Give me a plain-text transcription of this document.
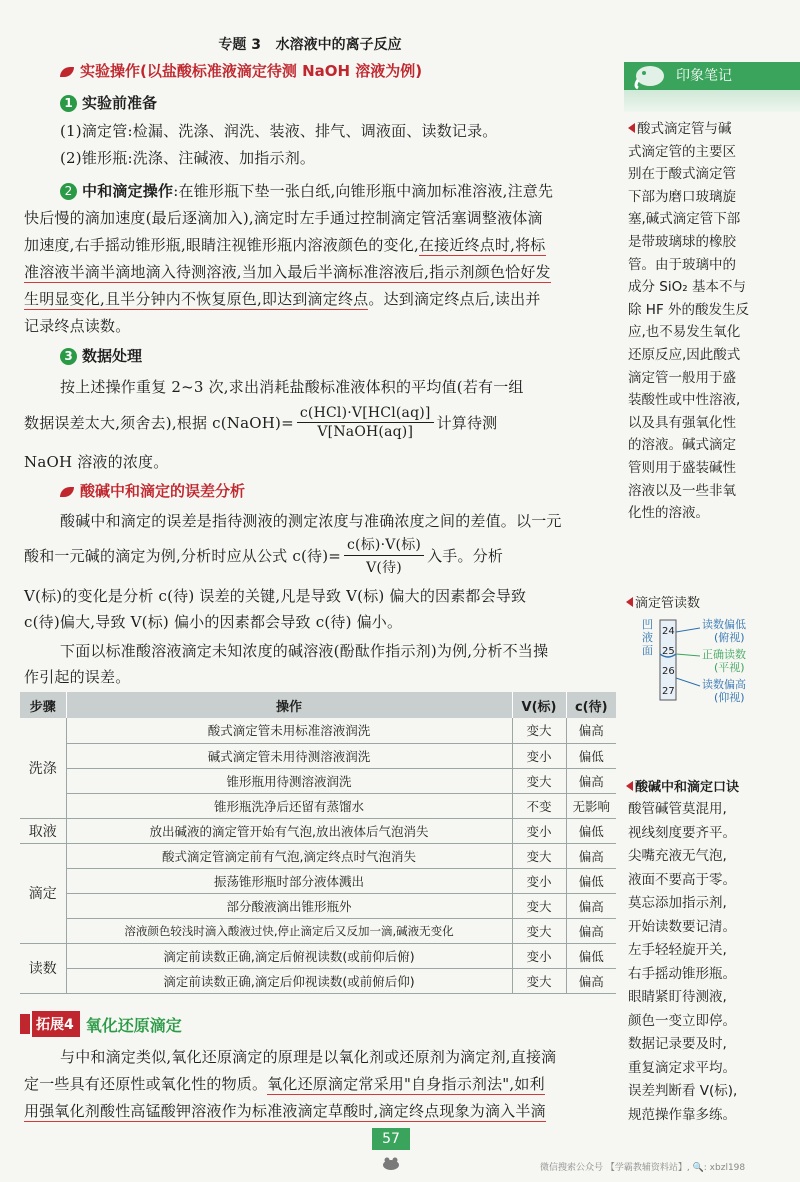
专题 3 水溶液中的离子反应
实验操作(以盐酸标准液滴定待测 NaOH 溶液为例)
1 实验前准备
(1)滴定管:检漏、洗涤、润洗、装液、排气、调液面、读数记录。
(2)锥形瓶:洗涤、注碱液、加指示剂。
2 中和滴定操作:在锥形瓶下垫一张白纸,向锥形瓶中滴加标准溶液,注意先
快后慢的滴加速度(最后逐滴加入),滴定时左手通过控制滴定管活塞调整液体滴
加速度,右手摇动锥形瓶,眼睛注视锥形瓶内溶液颜色的变化,在接近终点时,将标
准溶液半滴半滴地滴入待测溶液,当加入最后半滴标准溶液后,指示剂颜色恰好发
生明显变化,且半分钟内不恢复原色,即达到滴定终点。达到滴定终点后,读出并
记录终点读数。
3 数据处理
按上述操作重复 2~3 次,求出消耗盐酸标准液体积的平均值(若有一组
数据误差太大,须舍去),根据 c(NaOH)= $\frac{\text{c(HCl)·V[HCl(aq)]}}{\text{V[NaOH(aq)]}}$ 计算待测
NaOH 溶液的浓度。
酸碱中和滴定的误差分析
酸碱中和滴定的误差是指待测液的测定浓度与准确浓度之间的差值。以一元
酸和一元碱的滴定为例,分析时应从公式 c(待)= $\frac{\text{c(标)·V(标)}}{\text{V(待)}}$ 入手。分析
V(标)的变化是分析 c(待) 误差的关键,凡是导致 V(标) 偏大的因素都会导致
c(待)偏大,导致 V(标) 偏小的因素都会导致 c(待) 偏小。
下面以标准酸溶液滴定未知浓度的碱溶液(酚酞作指示剂)为例,分析不当操
作引起的误差。
步骤	操作	V(标)	c(待)
洗涤	酸式滴定管未用标准溶液润洗	变大	偏高
	碱式滴定管未用待测溶液润洗	变小	偏低
	锥形瓶用待测溶液润洗	变大	偏高
	锥形瓶洗净后还留有蒸馏水	不变	无影响
取液	放出碱液的滴定管开始有气泡,放出液体后气泡消失	变小	偏低
滴定	酸式滴定管滴定前有气泡,滴定终点时气泡消失	变大	偏高
	振荡锥形瓶时部分液体溅出	变小	偏低
	部分酸液滴出锥形瓶外	变大	偏高
	溶液颜色较浅时滴入酸液过快,停止滴定后又反加一滴,碱液无变化	变大	偏高
读数	滴定前读数正确,滴定后俯视读数(或前仰后俯)	变小	偏低
	滴定前读数正确,滴定后仰视读数(或前俯后仰)	变大	偏高
拓展4 氧化还原滴定
与中和滴定类似,氧化还原滴定的原理是以氧化剂或还原剂为滴定剂,直接滴
定一些具有还原性或氧化性的物质。氧化还原滴定常采用"自身指示剂法",如利
用强氧化剂酸性高锰酸钾溶液作为标准液滴定草酸时,滴定终点现象为滴入半滴
印象笔记
酸式滴定管与碱
式滴定管的主要区
别在于酸式滴定管
下部为磨口玻璃旋
塞,碱式滴定管下部
是带玻璃球的橡胶
管。由于玻璃中的
成分 SiO₂ 基本不与
除 HF 外的酸发生反
应,也不易发生氧化
还原反应,因此酸式
滴定管一般用于盛
装酸性或中性溶液,
以及具有强氧化性
的溶液。碱式滴定
管则用于盛装碱性
溶液以及一些非氧
化性的溶液。
滴定管读数
凹
液
面
24
25
26
27
读数偏低
(俯视)
正确读数
(平视)
读数偏高
(仰视)
酸碱中和滴定口诀
酸管碱管莫混用,
视线刻度要齐平。
尖嘴充液无气泡,
液面不要高于零。
莫忘添加指示剂,
开始读数要记清。
左手轻轻旋开关,
右手摇动锥形瓶。
眼睛紧盯待测液,
颜色一变立即停。
数据记录要及时,
重复滴定求平均。
误差判断看 V(标),
规范操作靠多练。
57
微信搜索公众号 【学霸教辅资料站】, 🔍: xbzl198
